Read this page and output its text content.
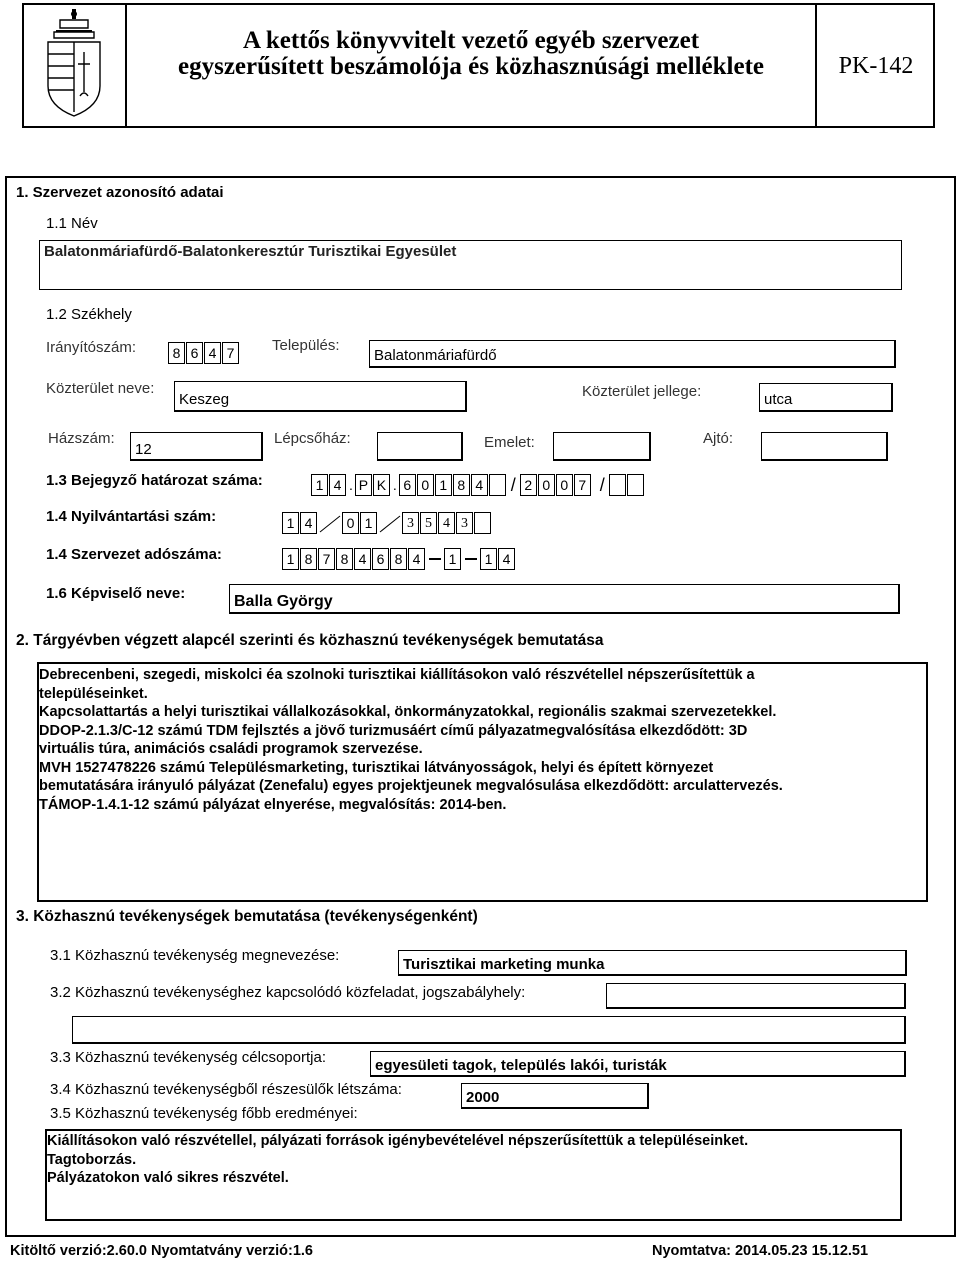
A kettős könyvvitelt vezető egyéb szervezet
egyszerűsített beszámolója és közhasznúsági melléklete	PK-142
1. Szervezet azonosító adatai
1.1 Név
Balatonmáriafürdő-Balatonkeresztúr Turisztikai Egyesület
1.2 Székhely
Irányítószám:	8 6 4 7	Település:
Balatonmáriafürdő
Közterület neve:
Keszeg	Közterület jellege:	utca
Házszám:
12
Lépcsőház:	Emelet:	Ajtó:
1.3 Bejegyző határozat száma:	1 4 . P K . 6 0 1 8 4 / 2 0 0 7 /
1.4 Nyilvántartási szám:	1 4	0 1	3 5 4 3
1.4 Szervezet adószáma:	1 8 7 8 4 6 8 4	1	1 4
1.6 Képviselő neve:	Balla György
2. Tárgyévben végzett alapcél szerinti és közhasznú tevékenységek bemutatása
Debrecenbeni, szegedi, miskolci éa szolnoki turisztikai kiállításokon való részvétellel népszerűsítettük a
településeinket.
Kapcsolattartás a helyi turisztikai vállalkozásokkal, önkormányzatokkal, regionális szakmai szervezetekkel.
DDOP-2.1.3/C-12 számú TDM fejlsztés a jövő turizmusáért című pályazatmegvalósítása elkezdődött: 3D
virtuális túra, animációs családi programok szervezése.
MVH 1527478226 számú Településmarketing, turisztikai látványosságok, helyi és épített környezet
bemutatására irányuló pályázat (Zenefalu) egyes projektjeunek megvalósulása elkezdődött: arculattervezés.
TÁMOP-1.4.1-12 számú pályázat elnyerése, megvalósítás: 2014-ben.
3. Közhasznú tevékenységek bemutatása (tevékenységenként)
3.1 Közhasznú tevékenység megnevezése:
Turisztikai marketing munka
3.2 Közhasznú tevékenységhez kapcsolódó közfeladat, jogszabályhely:
3.3 Közhasznú tevékenység célcsoportja:	egyesületi tagok, település lakói, turisták
3.4 Közhasznú tevékenységből részesülők létszáma:	2000
3.5 Közhasznú tevékenység főbb eredményei:
Kiállításokon való részvétellel, pályázati források igénybevételével népszerűsítettük a településeinket.
Tagtoborzás.
Pályázatokon való sikres részvétel.
Kitöltő verzió:2.60.0 Nyomtatvány verzió:1.6	Nyomtatva: 2014.05.23 15.12.51
